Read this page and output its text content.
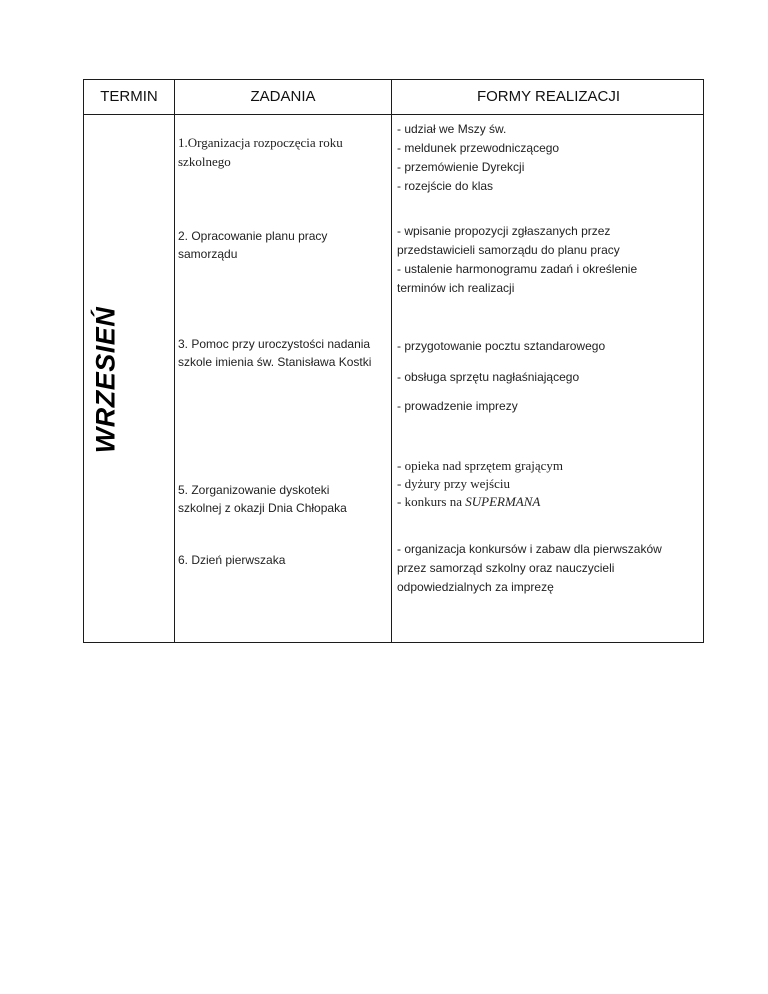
TERMIN	ZADANIA	FORMY REALIZACJI
WRZESIEŃ
1.Organizacja rozpoczęcia roku
szkolnego
- udział we Mszy św.
- meldunek przewodniczącego
- przemówienie Dyrekcji
- rozejście do klas
2. Opracowanie planu pracy
samorządu
- wpisanie propozycji zgłaszanych przez
przedstawicieli samorządu do planu pracy
- ustalenie harmonogramu zadań i określenie
terminów ich realizacji
3. Pomoc przy uroczystości nadania
szkole imienia św. Stanisława Kostki
- przygotowanie pocztu sztandarowego
- obsługa sprzętu nagłaśniającego
- prowadzenie imprezy
5. Zorganizowanie dyskoteki
szkolnej z okazji Dnia Chłopaka
- opieka nad sprzętem grającym
- dyżury przy wejściu
- konkurs na SUPERMANA
6. Dzień pierwszaka
- organizacja konkursów i zabaw dla pierwszaków
przez samorząd szkolny oraz nauczycieli
odpowiedzialnych za imprezę
